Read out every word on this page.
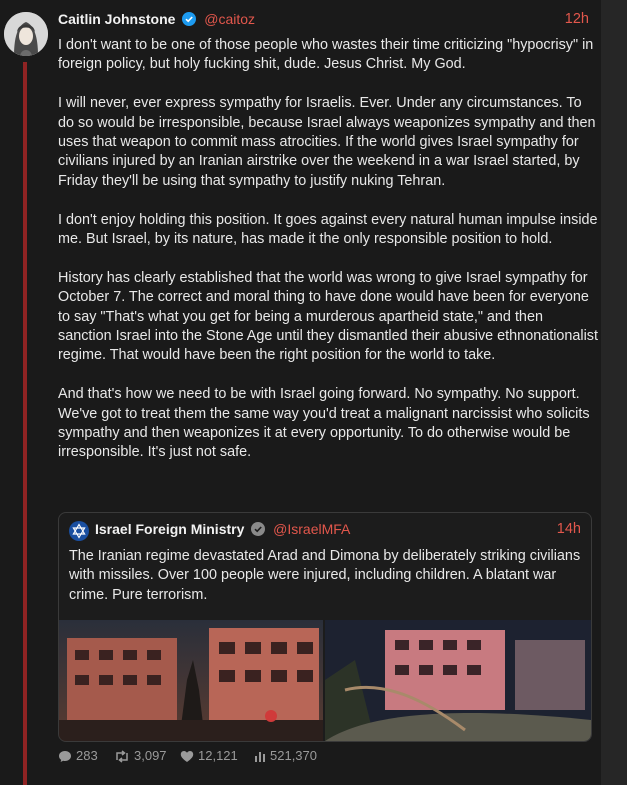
Caitlin Johnstone @caitoz	12h

I don't want to be one of those people who wastes their time criticizing "hypocrisy" in foreign policy, but holy fucking shit, dude. Jesus Christ. My God.

I will never, ever express sympathy for Israelis. Ever. Under any circumstances. To do so would be irresponsible, because Israel always weaponizes sympathy and then uses that weapon to commit mass atrocities. If the world gives Israel sympathy for civilians injured by an Iranian airstrike over the weekend in a war Israel started, by Friday they'll be using that sympathy to justify nuking Tehran.

I don't enjoy holding this position. It goes against every natural human impulse inside me. But Israel, by its nature, has made it the only responsible position to hold.

History has clearly established that the world was wrong to give Israel sympathy for October 7. The correct and moral thing to have done would have been for everyone to say "That's what you get for being a murderous apartheid state," and then sanction Israel into the Stone Age until they dismantled their abusive ethnonationalist regime. That would have been the right position for the world to take.

And that's how we need to be with Israel going forward. No sympathy. No support. We've got to treat them the same way you'd treat a malignant narcissist who solicits sympathy and then weaponizes it at every opportunity. To do otherwise would be irresponsible. It's just not safe.

Israel Foreign Ministry @IsraelMFA	14h
The Iranian regime devastated Arad and Dimona by deliberately striking civilians with missiles. Over 100 people were injured, including children. A blatant war crime. Pure terrorism.
283	3,097	12,121	521,370
